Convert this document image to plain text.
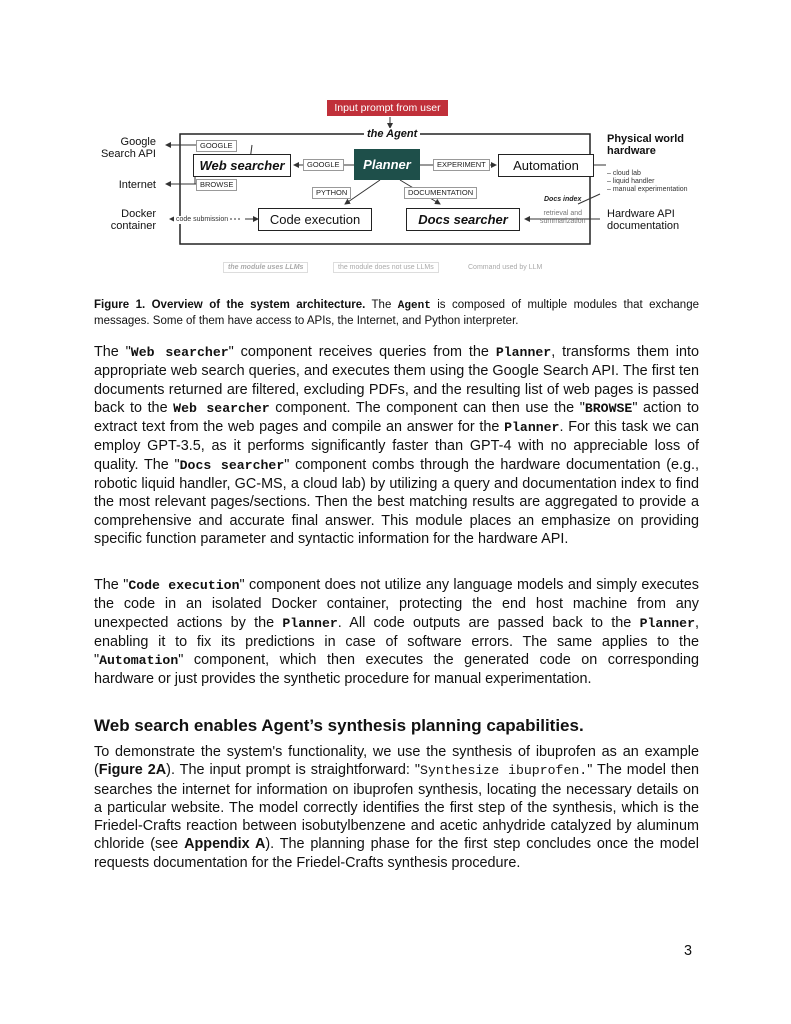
Input prompt from user
the Agent
Google
Search API
Internet
Docker
container
Physical world
hardware
– cloud lab
– liquid handler
– manual experimentation
Hardware API
documentation
GOOGLE
BROWSE
GOOGLE	EXPERIMENT
PYTHON	DOCUMENTATION
Web searcher	Planner	Automation
Code execution	Docs searcher
code submission
Docs index
retrieval and
summarization
the module uses LLMs	the module does not use LLMs	Command used by LLM
Figure 1. Overview of the system architecture. The Agent is composed of multiple modules that exchange messages. Some of them have access to APIs, the Internet, and Python interpreter.

The "Web searcher" component receives queries from the Planner, transforms them into appropriate web search queries, and executes them using the Google Search API. The first ten documents returned are filtered, excluding PDFs, and the resulting list of web pages is passed back to the Web searcher component. The component can then use the "BROWSE" action to extract text from the web pages and compile an answer for the Planner. For this task we can employ GPT-3.5, as it performs significantly faster than GPT-4 with no appreciable loss of quality. The "Docs searcher" component combs through the hardware documentation (e.g., robotic liquid handler, GC-MS, a cloud lab) by utilizing a query and documentation index to find the most relevant pages/sections. Then the best matching results are aggregated to provide a comprehensive and accurate final answer. This module places an emphasize on providing specific function parameter and syntactic information for the hardware API.

The "Code execution" component does not utilize any language models and simply executes the code in an isolated Docker container, protecting the end host machine from any unexpected actions by the Planner. All code outputs are passed back to the Planner, enabling it to fix its predictions in case of software errors. The same applies to the "Automation" component, which then executes the generated code on corresponding hardware or just provides the synthetic procedure for manual experimentation.

Web search enables Agent’s synthesis planning capabilities.

To demonstrate the system's functionality, we use the synthesis of ibuprofen as an example (Figure 2A). The input prompt is straightforward: "Synthesize ibuprofen." The model then searches the internet for information on ibuprofen synthesis, locating the necessary details on a particular website. The model correctly identifies the first step of the synthesis, which is the Friedel-Crafts reaction between isobutylbenzene and acetic anhydride catalyzed by aluminum chloride (see Appendix A). The planning phase for the first step concludes once the model requests documentation for the Friedel-Crafts synthesis procedure.

3
